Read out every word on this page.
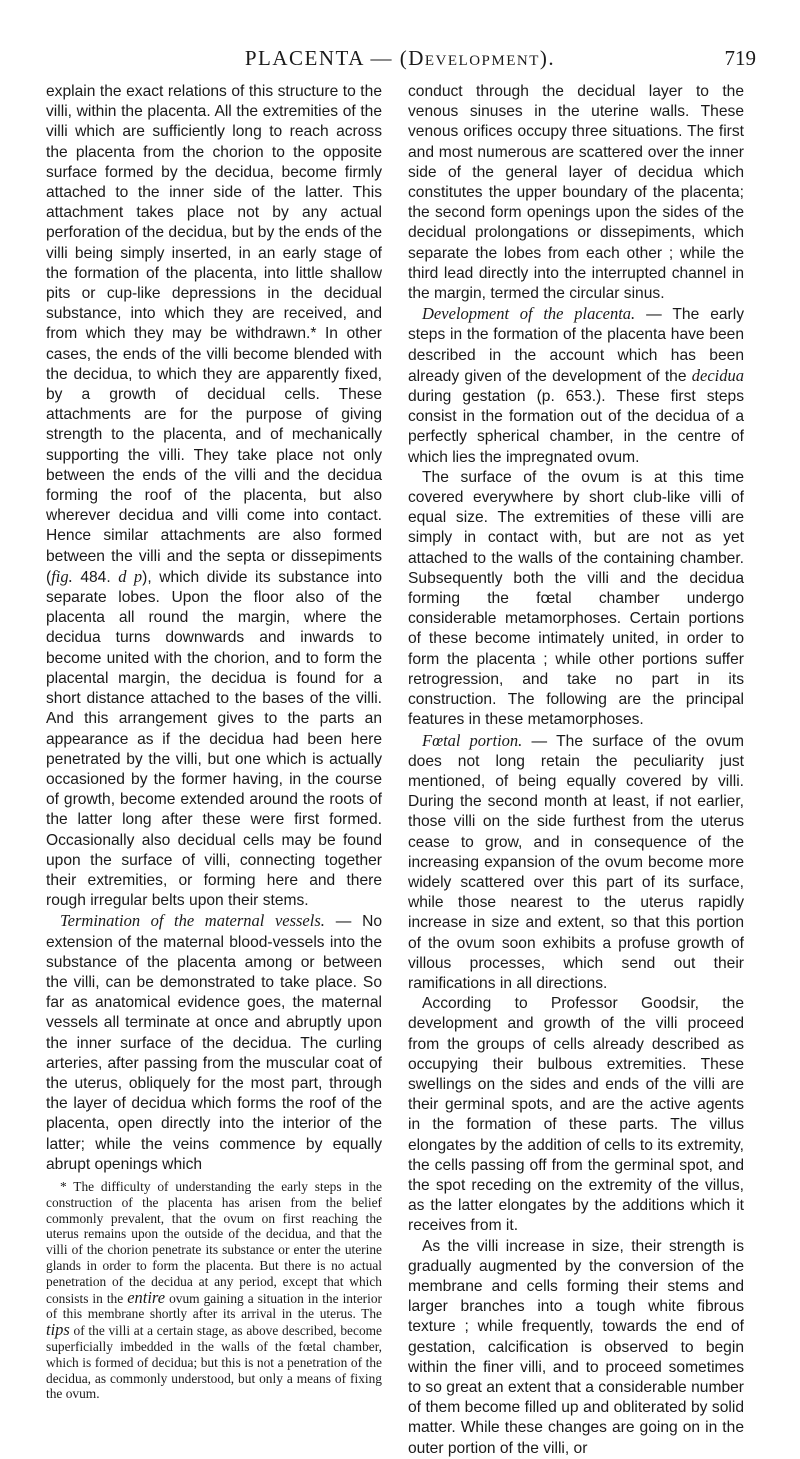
PLACENTA — (Development).	719

explain the exact relations of this structure to the villi, within the placenta. All the extremities of the villi which are sufficiently long to reach across the placenta from the chorion to the opposite surface formed by the decidua, become firmly attached to the inner side of the latter. This attachment takes place not by any actual perforation of the decidua, but by the ends of the villi being simply inserted, in an early stage of the formation of the placenta, into little shallow pits or cup-like depressions in the decidual substance, into which they are received, and from which they may be withdrawn.* In other cases, the ends of the villi become blended with the decidua, to which they are apparently fixed, by a growth of decidual cells. These attachments are for the purpose of giving strength to the placenta, and of mechanically supporting the villi. They take place not only between the ends of the villi and the decidua forming the roof of the placenta, but also wherever decidua and villi come into contact. Hence similar attachments are also formed between the villi and the septa or dissepiments (fig. 484. d p), which divide its substance into separate lobes. Upon the floor also of the placenta all round the margin, where the decidua turns downwards and inwards to become united with the chorion, and to form the placental margin, the decidua is found for a short distance attached to the bases of the villi. And this arrangement gives to the parts an appearance as if the decidua had been here penetrated by the villi, but one which is actually occasioned by the former having, in the course of growth, become extended around the roots of the latter long after these were first formed. Occasionally also decidual cells may be found upon the surface of villi, connecting together their extremities, or forming here and there rough irregular belts upon their stems.

Termination of the maternal vessels. — No extension of the maternal blood-vessels into the substance of the placenta among or between the villi, can be demonstrated to take place. So far as anatomical evidence goes, the maternal vessels all terminate at once and abruptly upon the inner surface of the decidua. The curling arteries, after passing from the muscular coat of the uterus, obliquely for the most part, through the layer of decidua which forms the roof of the placenta, open directly into the interior of the latter; while the veins commence by equally abrupt openings which

* The difficulty of understanding the early steps in the construction of the placenta has arisen from the belief commonly prevalent, that the ovum on first reaching the uterus remains upon the outside of the decidua, and that the villi of the chorion penetrate its substance or enter the uterine glands in order to form the placenta. But there is no actual penetration of the decidua at any period, except that which consists in the entire ovum gaining a situation in the interior of this membrane shortly after its arrival in the uterus. The tips of the villi at a certain stage, as above described, become superficially imbedded in the walls of the fœtal chamber, which is formed of decidua; but this is not a penetration of the decidua, as commonly understood, but only a means of fixing the ovum.

conduct through the decidual layer to the venous sinuses in the uterine walls. These venous orifices occupy three situations. The first and most numerous are scattered over the inner side of the general layer of decidua which constitutes the upper boundary of the placenta; the second form openings upon the sides of the decidual prolongations or dissepiments, which separate the lobes from each other ; while the third lead directly into the interrupted channel in the margin, termed the circular sinus.

Development of the placenta. — The early steps in the formation of the placenta have been described in the account which has been already given of the development of the decidua during gestation (p. 653.). These first steps consist in the formation out of the decidua of a perfectly spherical chamber, in the centre of which lies the impregnated ovum.

The surface of the ovum is at this time covered everywhere by short club-like villi of equal size. The extremities of these villi are simply in contact with, but are not as yet attached to the walls of the containing chamber. Subsequently both the villi and the decidua forming the fœtal chamber undergo considerable metamorphoses. Certain portions of these become intimately united, in order to form the placenta ; while other portions suffer retrogression, and take no part in its construction. The following are the principal features in these metamorphoses.

Fœtal portion. — The surface of the ovum does not long retain the peculiarity just mentioned, of being equally covered by villi. During the second month at least, if not earlier, those villi on the side furthest from the uterus cease to grow, and in consequence of the increasing expansion of the ovum become more widely scattered over this part of its surface, while those nearest to the uterus rapidly increase in size and extent, so that this portion of the ovum soon exhibits a profuse growth of villous processes, which send out their ramifications in all directions.

According to Professor Goodsir, the development and growth of the villi proceed from the groups of cells already described as occupying their bulbous extremities. These swellings on the sides and ends of the villi are their germinal spots, and are the active agents in the formation of these parts. The villus elongates by the addition of cells to its extremity, the cells passing off from the germinal spot, and the spot receding on the extremity of the villus, as the latter elongates by the additions which it receives from it.

As the villi increase in size, their strength is gradually augmented by the conversion of the membrane and cells forming their stems and larger branches into a tough white fibrous texture ; while frequently, towards the end of gestation, calcification is observed to begin within the finer villi, and to proceed sometimes to so great an extent that a considerable number of them become filled up and obliterated by solid matter. While these changes are going on in the outer portion of the villi, or
